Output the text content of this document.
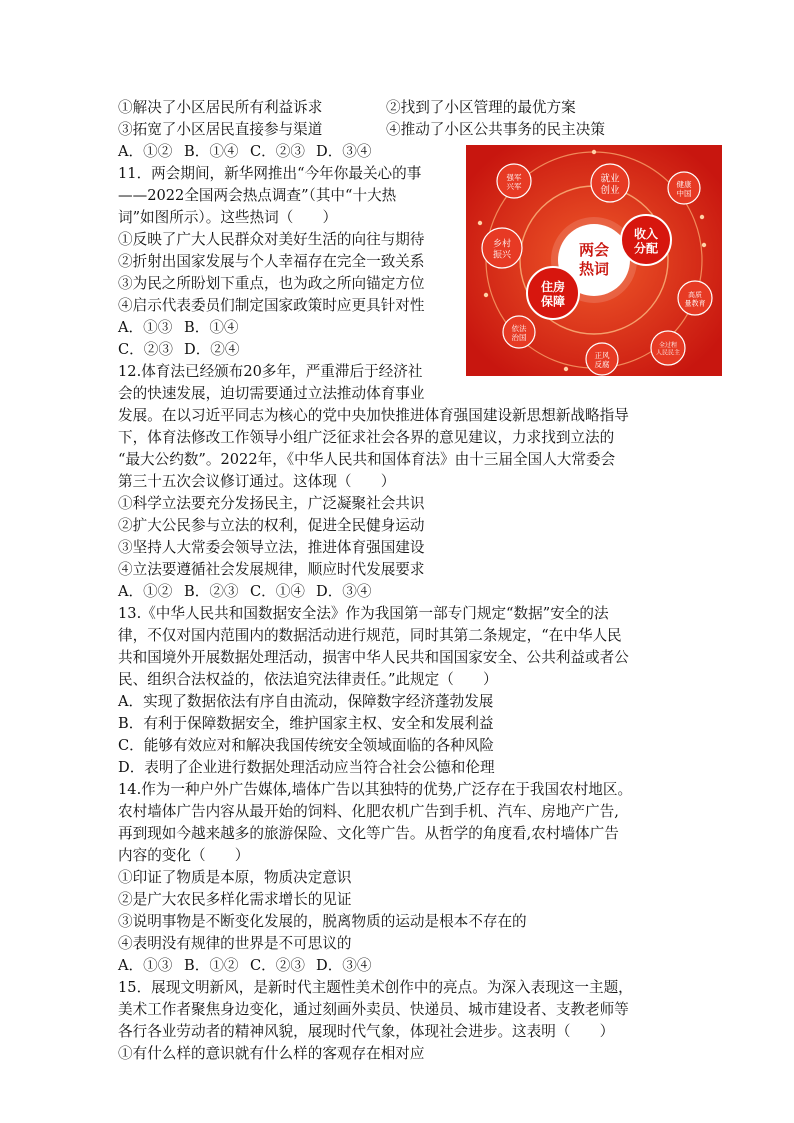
①解决了小区居民所有利益诉求	②找到了小区管理的最优方案
③拓宽了小区居民直接参与渠道	④推动了小区公共事务的民主决策
A．①② B．①④ C．②③ D．③④
11．两会期间，新华网推出“今年你最关心的事
——2022全国两会热点调查”（其中“十大热
词”如图所示）。这些热词（　　）
①反映了广大人民群众对美好生活的向往与期待
②折射出国家发展与个人幸福存在完全一致关系
③为民之所盼划下重点，也为政之所向锚定方位
④启示代表委员们制定国家政策时应更具针对性
A．①③ B．①④
C．②③ D．②④
两会
热词
就业
创业
健康
中国
收入
分配
高质
量教育
全过程
人民民主
正风
反腐
依法
治国
住房
保障
乡村
振兴
强军
兴军
12.体育法已经颁布20多年，严重滞后于经济社
会的快速发展，迫切需要通过立法推动体育事业
发展。在以习近平同志为核心的党中央加快推进体育强国建设新思想新战略指导
下，体育法修改工作领导小组广泛征求社会各界的意见建议，力求找到立法的
“最大公约数”。2022年，《中华人民共和国体育法》由十三届全国人大常委会
第三十五次会议修订通过。这体现（　　）
①科学立法要充分发扬民主，广泛凝聚社会共识
②扩大公民参与立法的权利，促进全民健身运动
③坚持人大常委会领导立法，推进体育强国建设
④立法要遵循社会发展规律，顺应时代发展要求
A．①② B．②③ C．①④ D．③④
13.《中华人民共和国数据安全法》作为我国第一部专门规定“数据”安全的法
律，不仅对国内范围内的数据活动进行规范，同时其第二条规定，“在中华人民
共和国境外开展数据处理活动，损害中华人民共和国国家安全、公共利益或者公
民、组织合法权益的，依法追究法律责任。”此规定（　　）
A．实现了数据依法有序自由流动，保障数字经济蓬勃发展
B．有利于保障数据安全，维护国家主权、安全和发展利益
C．能够有效应对和解决我国传统安全领域面临的各种风险
D．表明了企业进行数据处理活动应当符合社会公德和伦理
14.作为一种户外广告媒体,墙体广告以其独特的优势,广泛存在于我国农村地区。
农村墙体广告内容从最开始的饲料、化肥农机广告到手机、汽车、房地产广告,
再到现如今越来越多的旅游保险、文化等广告。从哲学的角度看,农村墙体广告
内容的变化（　　）
①印证了物质是本原，物质决定意识
②是广大农民多样化需求增长的见证
③说明事物是不断变化发展的，脱离物质的运动是根本不存在的
④表明没有规律的世界是不可思议的
A．①③ B．①② C．②③ D．③④
15．展现文明新风，是新时代主题性美术创作中的亮点。为深入表现这一主题，
美术工作者聚焦身边变化，通过刻画外卖员、快递员、城市建设者、支教老师等
各行各业劳动者的精神风貌，展现时代气象，体现社会进步。这表明（　　）
①有什么样的意识就有什么样的客观存在相对应
